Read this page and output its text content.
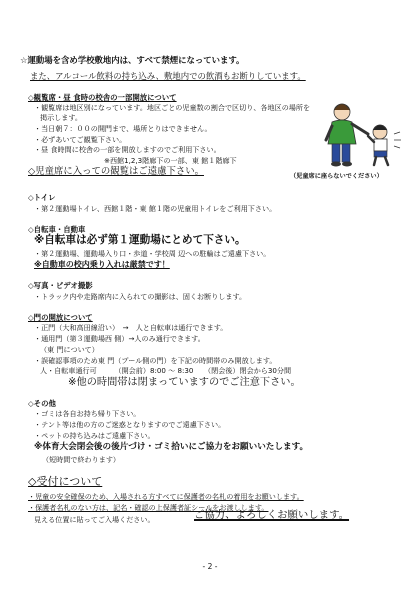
☆運動場を含め学校敷地内は、すべて禁煙になっています。
また、アルコール飲料の持ち込み、敷地内での飲酒もお断りしています。
◇観覧席・昼 食時の校舎の一部開放について
・観覧席は地区別になっています。地区ごとの児童数の割合で区切り、各地区の場所を
掲示します。
・当日朝７：００の開門まで、場所とりはできません。
・必ずあいてご観覧下さい。
・昼 食時間に校舎の一部を開放しますのでご利用下さい。
※西館1,2,3階廊下の一部、東 館１階廊下
◇児童席に入っての観覧はご遠慮下さい。	（児童席に座らないでください）
◇トイレ
・第２運動場トイレ、西館１階・東 館１階の児童用トイレをご利用下さい。
◇自転車・自動車
※自転車は必ず第１運動場にとめて下さい。
・第２運動場、運動場入り口・歩道・学校周 辺への駐輪はご遠慮下さい。
※自動車の校内乗り入れは厳禁です！
◇写真・ビデオ撮影
・トラック内や走路席内に入られての撮影は、固くお断りします。
◇門の開放について
・正門（大和高田線沿い）　→　人と自転車は通行できます。
・通用門（第３運動場西 側）→人のみ通行できます。
（東 門について）
・誤確認事項のため東 門（プール側の門）を下記の時間帯のみ開放します。
人・自転車通行可　　　（開会前）8:00 ～ 8:30　　（閉会後）閉会から30分間
※他の時間帯は閉まっていますのでご注意下さい。
◇その他
・ゴミは各自お持ち帰り下さい。
・テント等は他の方のご迷惑となりますのでご遠慮下さい。
・ペットの持ち込みはご遠慮下さい。
※体育大会閉会後の後片づけ・ゴミ拾いにご協力をお願いいたします。
（短時間で終わります）
◇受付について
・児童の安全確保のため、入場される方すべてに保護者の名札の着用をお願いします。
・保護者名札のない方は、記名・確認の上保護者証シールをお渡しします。
見える位置に貼ってご入場ください。	ご協力、よろしくお願いします。
- 2 -
